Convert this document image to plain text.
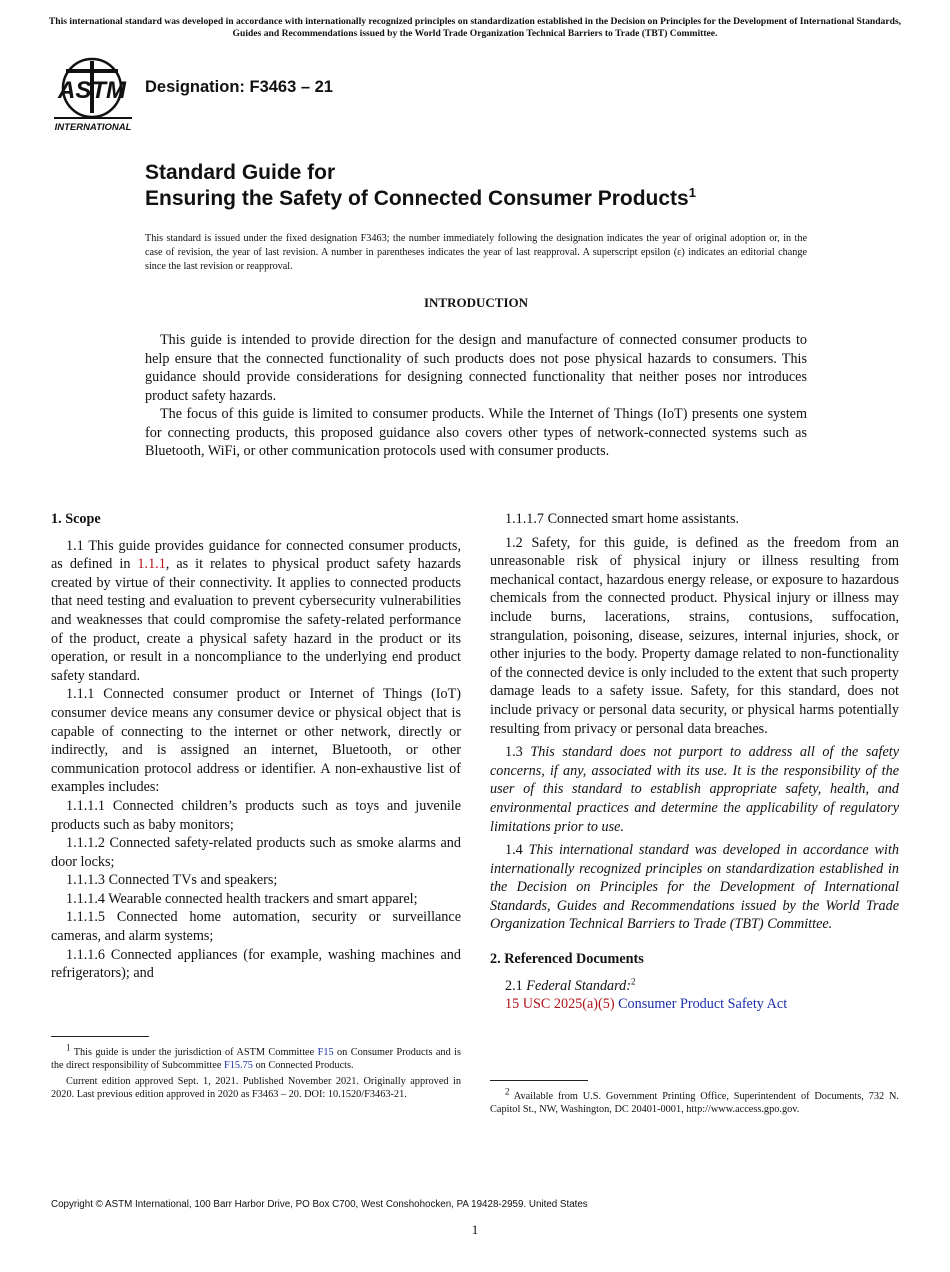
This international standard was developed in accordance with internationally recognized principles on standardization established in the Decision on Principles for the Development of International Standards, Guides and Recommendations issued by the World Trade Organization Technical Barriers to Trade (TBT) Committee.
ASTM
INTERNATIONAL
Designation: F3463 – 21
Standard Guide for
Ensuring the Safety of Connected Consumer Products$^1$
This standard is issued under the fixed designation F3463; the number immediately following the designation indicates the year of original adoption or, in the case of revision, the year of last revision. A number in parentheses indicates the year of last reapproval. A superscript epsilon (ε) indicates an editorial change since the last revision or reapproval.
INTRODUCTION

This guide is intended to provide direction for the design and manufacture of connected consumer products to help ensure that the connected functionality of such products does not pose physical hazards to consumers. This guidance should provide considerations for designing connected functionality that neither poses nor introduces product safety hazards.

The focus of this guide is limited to consumer products. While the Internet of Things (IoT) presents one system for connecting products, this proposed guidance also covers other types of network-connected systems such as Bluetooth, WiFi, or other communication protocols used with consumer products.

1. Scope

1.1 This guide provides guidance for connected consumer products, as defined in 1.1.1, as it relates to physical product safety hazards created by virtue of their connectivity. It applies to connected products that need testing and evaluation to prevent cybersecurity vulnerabilities and weaknesses that could compromise the safety-related performance of the product, create a physical safety hazard in the product or its operation, or result in a noncompliance to the underlying end product safety standard.

1.1.1 Connected consumer product or Internet of Things (IoT) consumer device means any consumer device or physical object that is capable of connecting to the internet or other network, directly or indirectly, and is assigned an internet, Bluetooth, or other communication protocol address or identifier. A non-exhaustive list of examples includes:

1.1.1.1 Connected children’s products such as toys and juvenile products such as baby monitors;

1.1.1.2 Connected safety-related products such as smoke alarms and door locks;

1.1.1.3 Connected TVs and speakers;

1.1.1.4 Wearable connected health trackers and smart apparel;

1.1.1.5 Connected home automation, security or surveillance cameras, and alarm systems;

1.1.1.6 Connected appliances (for example, washing machines and refrigerators); and

$^1$ This guide is under the jurisdiction of ASTM Committee F15 on Consumer Products and is the direct responsibility of Subcommittee F15.75 on Connected Products.

Current edition approved Sept. 1, 2021. Published November 2021. Originally approved in 2020. Last previous edition approved in 2020 as F3463 – 20. DOI: 10.1520/F3463-21.

1.1.1.7 Connected smart home assistants.

1.2 Safety, for this guide, is defined as the freedom from an unreasonable risk of physical injury or illness resulting from mechanical contact, hazardous energy release, or exposure to hazardous chemicals from the connected product. Physical injury or illness may include burns, lacerations, strains, contusions, suffocation, strangulation, poisoning, disease, seizures, internal injuries, shock, or other injuries to the body. Property damage related to non-functionality of the connected device is only included to the extent that such property damage leads to a safety issue. Safety, for this standard, does not include privacy or personal data security, or physical harms potentially resulting from privacy or personal data breaches.

1.3 This standard does not purport to address all of the safety concerns, if any, associated with its use. It is the responsibility of the user of this standard to establish appropriate safety, health, and environmental practices and determine the applicability of regulatory limitations prior to use.

1.4 This international standard was developed in accordance with internationally recognized principles on standardization established in the Decision on Principles for the Development of International Standards, Guides and Recommendations issued by the World Trade Organization Technical Barriers to Trade (TBT) Committee.

2. Referenced Documents

2.1 Federal Standard:$^2$

15 USC 2025(a)(5) Consumer Product Safety Act

$^2$ Available from U.S. Government Printing Office, Superintendent of Documents, 732 N. Capitol St., NW, Washington, DC 20401-0001, http://www.access.gpo.gov.

Copyright © ASTM International, 100 Barr Harbor Drive, PO Box C700, West Conshohocken, PA 19428-2959. United States
1
